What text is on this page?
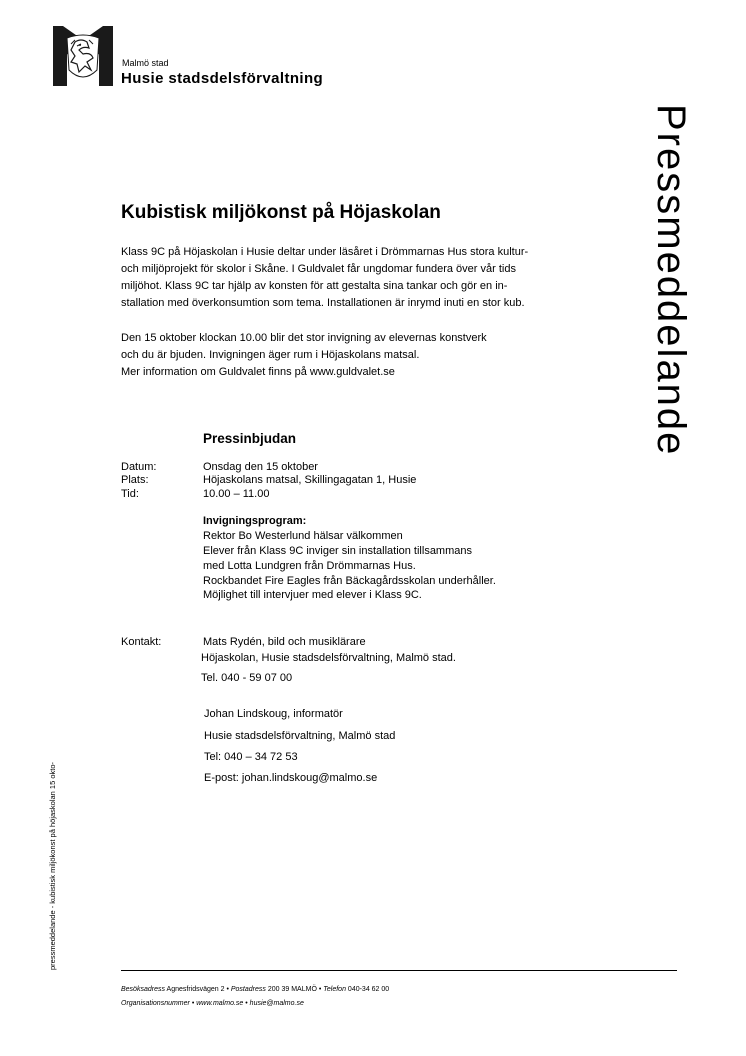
Malmö stad
Husie stadsdelsförvaltning
Pressmeddelande
Kubistisk miljökonst på Höjaskolan
Klass 9C på Höjaskolan i Husie deltar under läsåret i Drömmarnas Hus stora kultur-
och miljöprojekt för skolor i Skåne. I Guldvalet får ungdomar fundera över vår tids
miljöhot. Klass 9C tar hjälp av konsten för att gestalta sina tankar och gör en in-
stallation med överkonsumtion som tema. Installationen är inrymd inuti en stor kub.
Den 15 oktober klockan 10.00 blir det stor invigning av elevernas konstverk
och du är bjuden. Invigningen äger rum i Höjaskolans matsal.
Mer information om Guldvalet finns på www.guldvalet.se
Pressinbjudan
Datum:	Onsdag den 15 oktober
Plats:	Höjaskolans matsal, Skillingagatan 1, Husie
Tid:	10.00 – 11.00
Invigningsprogram:
Rektor Bo Westerlund hälsar välkommen
Elever från Klass 9C inviger sin installation tillsammans
med Lotta Lundgren från Drömmarnas Hus.
Rockbandet Fire Eagles från Bäckagårdsskolan underhåller.
Möjlighet till intervjuer med elever i Klass 9C.
Kontakt:	Mats Rydén, bild och musiklärare
Höjaskolan, Husie stadsdelsförvaltning, Malmö stad.
Tel. 040 - 59 07 00
Johan Lindskoug, informatör
Husie stadsdelsförvaltning, Malmö stad
Tel: 040 – 34 72 53
E-post: johan.lindskoug@malmo.se
pressmeddelande - kubistisk miljökonst på höjaskolan 15 okto-
Besöksadress Agnesfridsvägen 2 • Postadress 200 39 MALMÖ • Telefon 040-34 62 00
Organisationsnummer • www.malmo.se • husie@malmo.se
